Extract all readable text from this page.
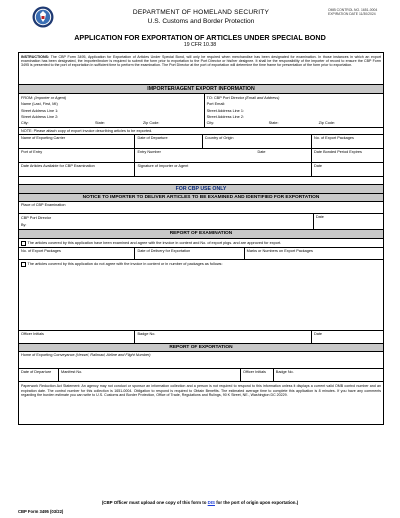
DEPARTMENT OF HOMELAND SECURITY
U.S. Customs and Border Protection
OMB CONTROL NO. 1651-0004
EXPIRATION DATE 11/30/2024
APPLICATION FOR EXPORTATION OF ARTICLES UNDER SPECIAL BOND
19 CFR 10.38
INSTRUCTIONS: The CBP Form 3495, Application for Exportation of Articles Under Special Bond, will only be required when merchandise has been designated for examination. In those instances in which an export examination has been designated, the importer/broker is required to submit the form prior to exportation to the Port Director or his/her designee. It shall be the responsibility of the importer of record to ensure the CBP Form 3495 is presented to the port of exportation in sufficient time to perform the examination. The Port Director at the port of exportation will determine the time frame for presentation of the form prior to exportation.
IMPORTER/AGENT EXPORT INFORMATION
FROM: (Importer or Agent)
Name (Last, First, MI)
Street Address Line 1:
Street Address Line 2:
City:	State:	Zip Code:
TO: CBP Port Director (Email and Address)
Port Email:
Street Address Line 1:
Street Address Line 2:
City:	State:	Zip Code:
NOTE: Please attach copy of export invoice describing articles to be exported.
Name of Exporting Carrier	Date of Departure	Country of Origin	No. of Export Packages
Port of Entry	Entry Number	Date	Date Bonded Period Expires
Date Articles Available for CBP Examination	Signature of Importer or Agent	Date
FOR CBP USE ONLY
NOTICE TO IMPORTER TO DELIVER ARTICLES TO BE EXAMINED AND IDENTIFIED FOR EXPORTATION
Place of CBP Examination
CBP Port Director
By:
Date
REPORT OF EXAMINATION
The articles covered by this application have been examined and agree with the invoice in content and No. of export pkgs. and are approved for export.
No. of Export Packages	Date of Delivery for Exportation	Marks or Numbers on Export Packages
The articles covered by this application do not agree with the invoice in content or in number of packages as follows:
Officer Initials	Badge No.	Date
REPORT OF EXPORTATION
Home of Exporting Conveyance (Vessel, Railroad, Airline and Flight Number)
Date of Departure	Manifest No.	Officer Initials	Badge No.
Paperwork Reduction Act Statement: An agency may not conduct or sponsor an information collection and a person is not required to respond to this information unless it displays a current valid OMB control number and an expiration date. The control number for this collection is 1651-0004. Obligation to respond is required to Obtain Benefits. The estimated average time to complete this application is 8 minutes. If you have any comments regarding the burden estimate you can write to U.S. Customs and Border Protection, Office of Trade, Regulations and Rulings, 90 K Street, NE., Washington DC 20229.
(CBP Officer must upload one copy of this form to DIS for the port of origin upon exportation.)
CBP Form 3495 (03/22)
